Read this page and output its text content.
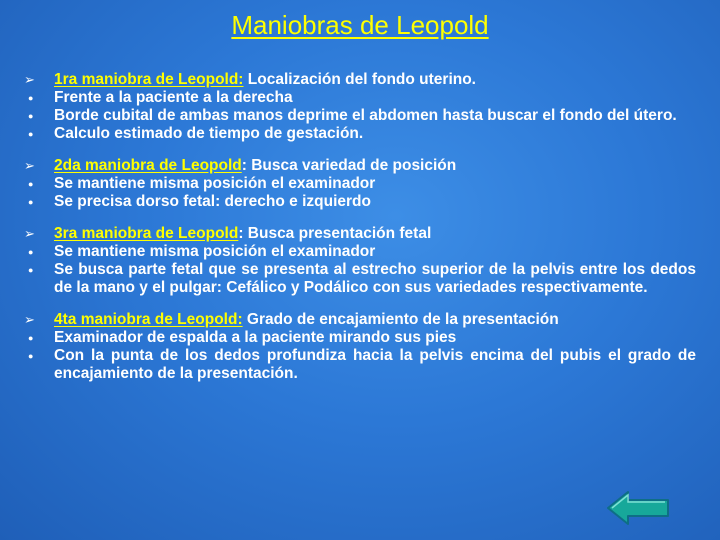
Maniobras de Leopold
➢	1ra maniobra de Leopold: Localización del fondo uterino.
●	Frente a la paciente a la derecha
●	Borde cubital de ambas manos deprime el abdomen hasta buscar el fondo del útero.
●	Calculo estimado de tiempo de gestación.
➢	2da maniobra de Leopold: Busca variedad de posición
●	Se mantiene misma posición el examinador
●	Se precisa dorso fetal: derecho e izquierdo
➢	3ra maniobra de Leopold: Busca presentación fetal
●	Se mantiene misma posición el examinador
●	Se busca parte fetal que se presenta al estrecho superior de la pelvis entre los dedos de la mano y el pulgar: Cefálico y Podálico con sus variedades respectivamente.
➢	4ta maniobra de Leopold: Grado de encajamiento de la presentación
●	Examinador de espalda a la paciente mirando sus pies
●	Con la punta de los dedos profundiza hacia la pelvis encima del pubis el grado de encajamiento de la presentación.
